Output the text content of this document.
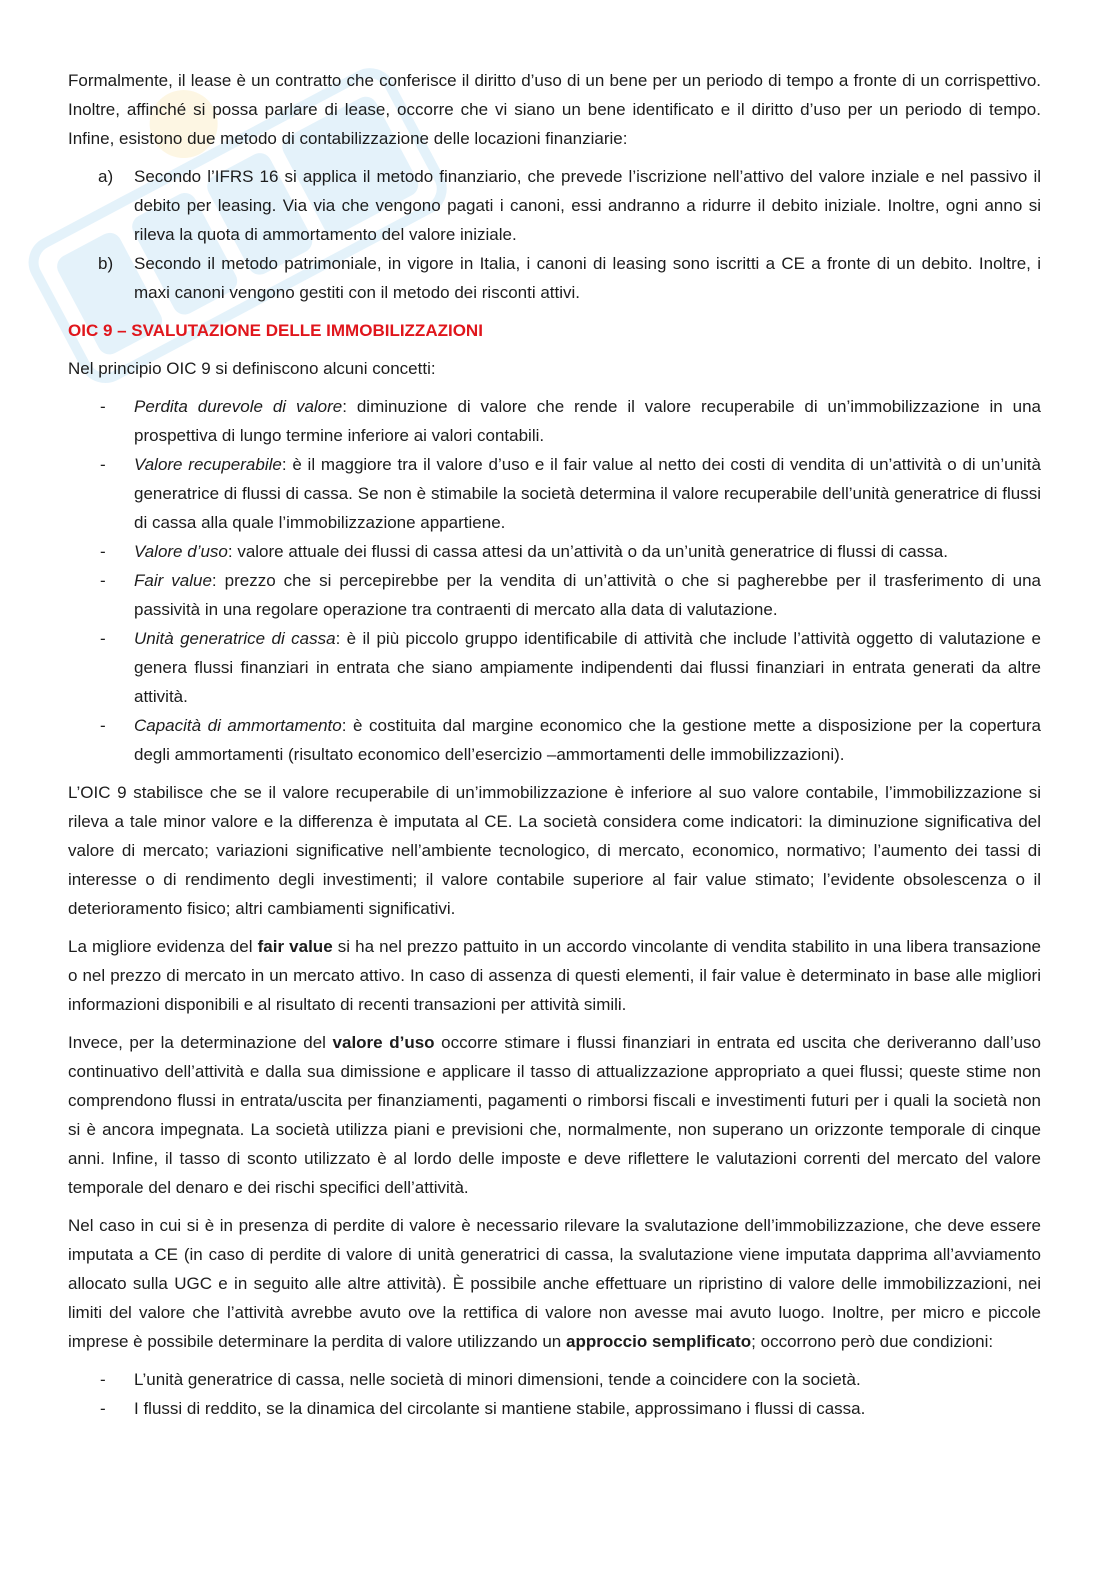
Formalmente, il lease è un contratto che conferisce il diritto d’uso di un bene per un periodo di tempo a fronte di un corrispettivo. Inoltre, affinché si possa parlare di lease, occorre che vi siano un bene identificato e il diritto d’uso per un periodo di tempo. Infine, esistono due metodo di contabilizzazione delle locazioni finanziarie:

a) Secondo l’IFRS 16 si applica il metodo finanziario, che prevede l’iscrizione nell’attivo del valore inziale e nel passivo il debito per leasing. Via via che vengono pagati i canoni, essi andranno a ridurre il debito iniziale. Inoltre, ogni anno si rileva la quota di ammortamento del valore iniziale.
b) Secondo il metodo patrimoniale, in vigore in Italia, i canoni di leasing sono iscritti a CE a fronte di un debito. Inoltre, i maxi canoni vengono gestiti con il metodo dei risconti attivi.
OIC 9 – SVALUTAZIONE DELLE IMMOBILIZZAZIONI

Nel principio OIC 9 si definiscono alcuni concetti:

- Perdita durevole di valore: diminuzione di valore che rende il valore recuperabile di un’immobilizzazione in una prospettiva di lungo termine inferiore ai valori contabili.
- Valore recuperabile: è il maggiore tra il valore d’uso e il fair value al netto dei costi di vendita di un’attività o di un’unità generatrice di flussi di cassa. Se non è stimabile la società determina il valore recuperabile dell’unità generatrice di flussi di cassa alla quale l’immobilizzazione appartiene.
- Valore d’uso: valore attuale dei flussi di cassa attesi da un’attività o da un’unità generatrice di flussi di cassa.
- Fair value: prezzo che si percepirebbe per la vendita di un’attività o che si pagherebbe per il trasferimento di una passività in una regolare operazione tra contraenti di mercato alla data di valutazione.
- Unità generatrice di cassa: è il più piccolo gruppo identificabile di attività che include l’attività oggetto di valutazione e genera flussi finanziari in entrata che siano ampiamente indipendenti dai flussi finanziari in entrata generati da altre attività.
- Capacità di ammortamento: è costituita dal margine economico che la gestione mette a disposizione per la copertura degli ammortamenti (risultato economico dell’esercizio –ammortamenti delle immobilizzazioni).

L’OIC 9 stabilisce che se il valore recuperabile di un’immobilizzazione è inferiore al suo valore contabile, l’immobilizzazione si rileva a tale minor valore e la differenza è imputata al CE. La società considera come indicatori: la diminuzione significativa del valore di mercato; variazioni significative nell’ambiente tecnologico, di mercato, economico, normativo; l’aumento dei tassi di interesse o di rendimento degli investimenti; il valore contabile superiore al fair value stimato; l’evidente obsolescenza o il deterioramento fisico; altri cambiamenti significativi.

La migliore evidenza del fair value si ha nel prezzo pattuito in un accordo vincolante di vendita stabilito in una libera transazione o nel prezzo di mercato in un mercato attivo. In caso di assenza di questi elementi, il fair value è determinato in base alle migliori informazioni disponibili e al risultato di recenti transazioni per attività simili.

Invece, per la determinazione del valore d’uso occorre stimare i flussi finanziari in entrata ed uscita che deriveranno dall’uso continuativo dell’attività e dalla sua dimissione e applicare il tasso di attualizzazione appropriato a quei flussi; queste stime non comprendono flussi in entrata/uscita per finanziamenti, pagamenti o rimborsi fiscali e investimenti futuri per i quali la società non si è ancora impegnata. La società utilizza piani e previsioni che, normalmente, non superano un orizzonte temporale di cinque anni. Infine, il tasso di sconto utilizzato è al lordo delle imposte e deve riflettere le valutazioni correnti del mercato del valore temporale del denaro e dei rischi specifici dell’attività.

Nel caso in cui si è in presenza di perdite di valore è necessario rilevare la svalutazione dell’immobilizzazione, che deve essere imputata a CE (in caso di perdite di valore di unità generatrici di cassa, la svalutazione viene imputata dapprima all’avviamento allocato sulla UGC e in seguito alle altre attività). È possibile anche effettuare un ripristino di valore delle immobilizzazioni, nei limiti del valore che l’attività avrebbe avuto ove la rettifica di valore non avesse mai avuto luogo. Inoltre, per micro e piccole imprese è possibile determinare la perdita di valore utilizzando un approccio semplificato; occorrono però due condizioni:

- L’unità generatrice di cassa, nelle società di minori dimensioni, tende a coincidere con la società.
- I flussi di reddito, se la dinamica del circolante si mantiene stabile, approssimano i flussi di cassa.
